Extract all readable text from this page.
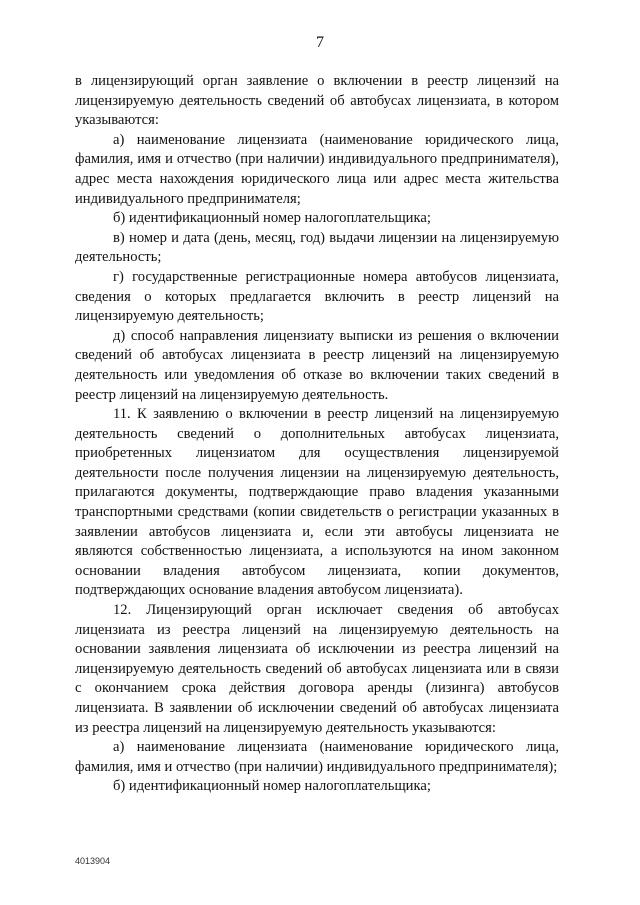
7

в лицензирующий орган заявление о включении в реестр лицензий на лицензируемую деятельность сведений об автобусах лицензиата, в котором указываются:

а) наименование лицензиата (наименование юридического лица, фамилия, имя и отчество (при наличии) индивидуального предпринимателя), адрес места нахождения юридического лица или адрес места жительства индивидуального предпринимателя;

б) идентификационный номер налогоплательщика;

в) номер и дата (день, месяц, год) выдачи лицензии на лицензируемую деятельность;

г) государственные регистрационные номера автобусов лицензиата, сведения о которых предлагается включить в реестр лицензий на лицензируемую деятельность;

д) способ направления лицензиату выписки из решения о включении сведений об автобусах лицензиата в реестр лицензий на лицензируемую деятельность или уведомления об отказе во включении таких сведений в реестр лицензий на лицензируемую деятельность.

11. К заявлению о включении в реестр лицензий на лицензируемую деятельность сведений о дополнительных автобусах лицензиата, приобретенных лицензиатом для осуществления лицензируемой деятельности после получения лицензии на лицензируемую деятельность, прилагаются документы, подтверждающие право владения указанными транспортными средствами (копии свидетельств о регистрации указанных в заявлении автобусов лицензиата и, если эти автобусы лицензиата не являются собственностью лицензиата, а используются на ином законном основании владения автобусом лицензиата, копии документов, подтверждающих основание владения автобусом лицензиата).

12. Лицензирующий орган исключает сведения об автобусах лицензиата из реестра лицензий на лицензируемую деятельность на основании заявления лицензиата об исключении из реестра лицензий на лицензируемую деятельность сведений об автобусах лицензиата или в связи с окончанием срока действия договора аренды (лизинга) автобусов лицензиата. В заявлении об исключении сведений об автобусах лицензиата из реестра лицензий на лицензируемую деятельность указываются:

а) наименование лицензиата (наименование юридического лица, фамилия, имя и отчество (при наличии) индивидуального предпринимателя);

б) идентификационный номер налогоплательщика;

4013904
